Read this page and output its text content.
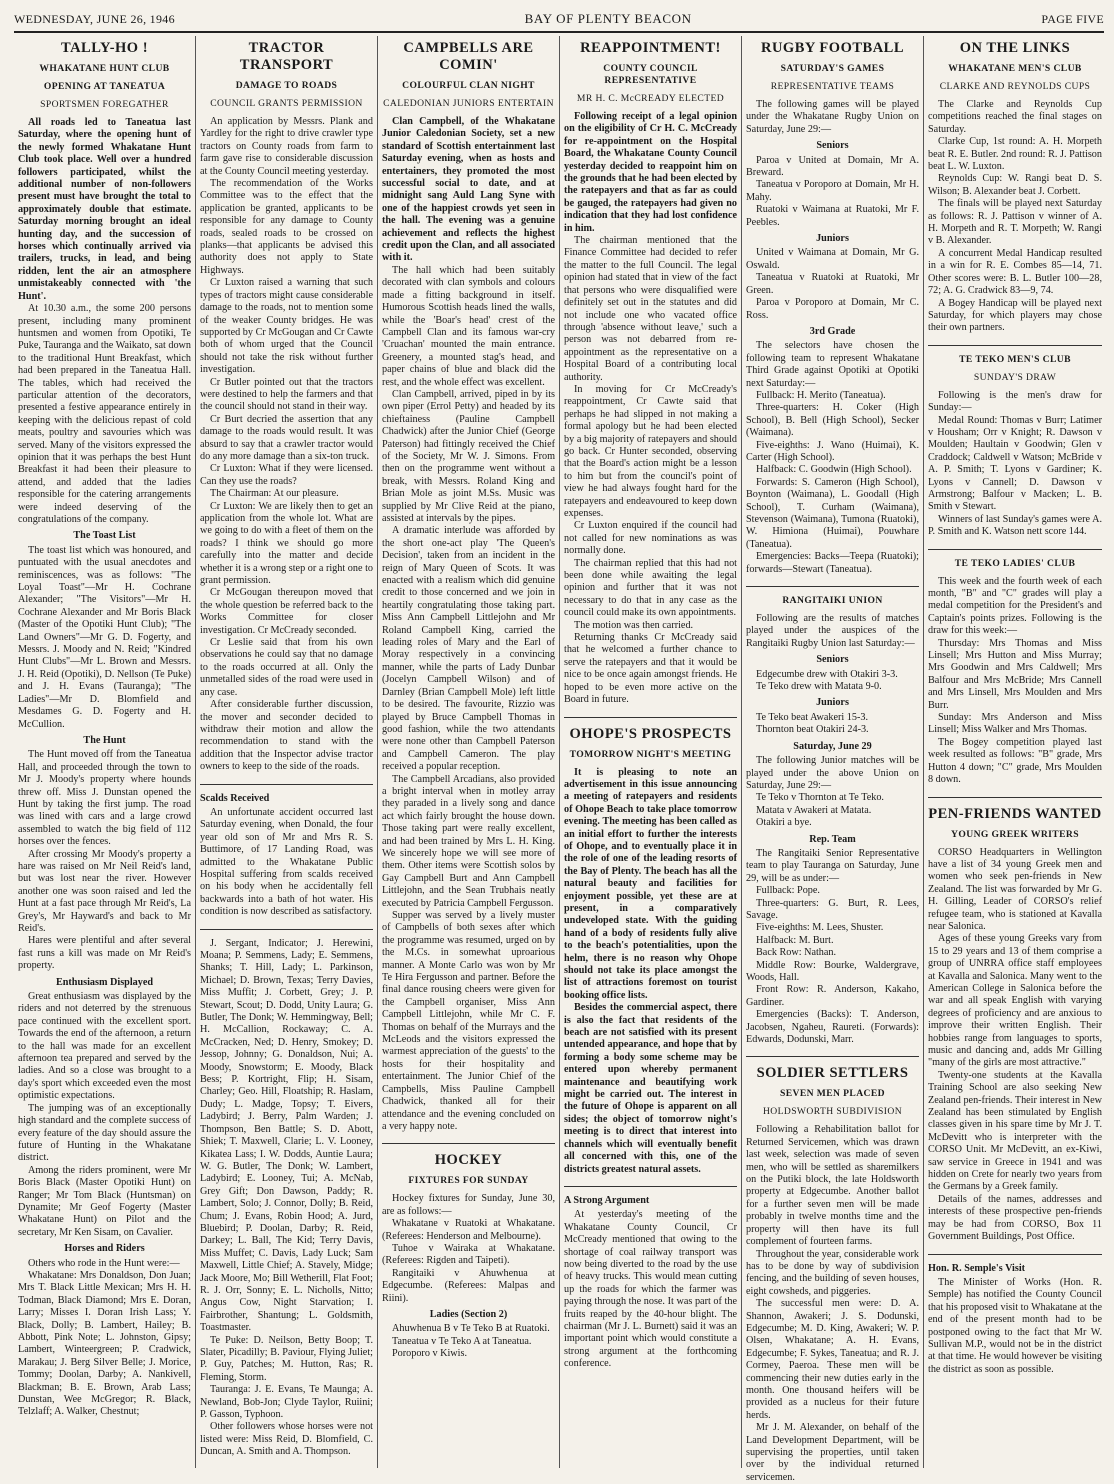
WEDNESDAY, JUNE 26, 1946	BAY OF PLENTY BEACON	PAGE FIVE
TALLY-HO !
WHAKATANE HUNT CLUB
OPENING AT TANEATUA
SPORTSMEN FOREGATHER

All roads led to Taneatua last Saturday, where the opening hunt of the newly formed Whakatane Hunt Club took place. Well over a hundred followers participated, whilst the additional number of non-followers present must have brought the total to approximately double that estimate. Saturday morning brought an ideal hunting day, and the succession of horses which continually arrived via trailers, trucks, in lead, and being ridden, lent the air an atmosphere unmistakeably connected with 'the Hunt'.

At 10.30 a.m., the some 200 persons present, including many prominent huntsmen and women from Opotiki, Te Puke, Tauranga and the Waikato, sat down to the traditional Hunt Breakfast, which had been prepared in the Taneatua Hall. The tables, which had received the particular attention of the decorators, presented a festive appearance entirely in keeping with the delicious repast of cold meats, poultry and savouries which was served. Many of the visitors expressed the opinion that it was perhaps the best Hunt Breakfast it had been their pleasure to attend, and added that the ladies responsible for the catering arrangements were indeed deserving of the congratulations of the company.

The Toast List

The toast list which was honoured, and puntuated with the usual anecdotes and reminiscences, was as follows: "The Loyal Toast"—Mr H. Cochrane Alexander; "The Visitors"—Mr H. Cochrane Alexander and Mr Boris Black (Master of the Opotiki Hunt Club); "The Land Owners"—Mr G. D. Fogerty, and Messrs. J. Moody and N. Reid; "Kindred Hunt Clubs"—Mr L. Brown and Messrs. J. H. Reid (Opotiki), D. Nellson (Te Puke) and J. H. Evans (Tauranga); "The Ladies"—Mr D. Blomfield and Mesdames G. D. Fogerty and H. McCullion.

The Hunt

The Hunt moved off from the Taneatua Hall, and proceeded through the town to Mr J. Moody's property where hounds threw off. Miss J. Dunstan opened the Hunt by taking the first jump. The road was lined with cars and a large crowd assembled to watch the big field of 112 horses over the fences.

After crossing Mr Moody's property a hare was raised on Mr Neil Reid's land, but was lost near the river. However another one was soon raised and led the Hunt at a fast pace through Mr Reid's, La Grey's, Mr Hayward's and back to Mr Reid's.

Hares were plentiful and after several fast runs a kill was made on Mr Reid's property.

Enthusiasm Displayed

Great enthusiasm was displayed by the riders and not deterred by the strenuous pace continued with the excellent sport. Towards the end of the afternoon, a return to the hall was made for an excellent afternoon tea prepared and served by the ladies. And so a close was brought to a day's sport which exceeded even the most optimistic expectations.

The jumping was of an exceptionally high standard and the complete success of every feature of the day should assure the future of Hunting in the Whakatane district.

Among the riders prominent, were Mr Boris Black (Master Opotiki Hunt) on Ranger; Mr Tom Black (Huntsman) on Dynamite; Mr Geof Fogerty (Master Whakatane Hunt) on Pilot and the secretary, Mr Ken Sisam, on Cavalier.

Horses and Riders

Others who rode in the Hunt were:—

Whakatane: Mrs Donaldson, Don Juan; Mrs T. Black Little Mexican; Mrs H. H. Todman, Black Diamond; Mrs E. Doran, Larry; Misses I. Doran Irish Lass; Y. Black, Dolly; B. Lambert, Hailey; B. Abbott, Pink Note; L. Johnston, Gipsy; Lambert, Winteergreen; P. Cradwick, Marakau; J. Berg Silver Belle; J. Morice, Tommy; Doolan, Darby; A. Nankivell, Blackman; B. E. Brown, Arab Lass; Dunstan, Wee McGregor; R. Black, Telzlaff; A. Walker, Chestnut;

TRACTOR TRANSPORT
DAMAGE TO ROADS
COUNCIL GRANTS PERMISSION

An application by Messrs. Plank and Yardley for the right to drive crawler type tractors on County roads from farm to farm gave rise to considerable discussion at the County Council meeting yesterday.

The recommendation of the Works Committee was to the effect that the application be granted, applicants to be responsible for any damage to County roads, sealed roads to be crossed on planks—that applicants be advised this authority does not apply to State Highways.

Cr Luxton raised a warning that such types of tractors might cause considerable damage to the roads, not to mention some of the weaker County bridges. He was supported by Cr McGougan and Cr Cawte both of whom urged that the Council should not take the risk without further investigation.

Cr Butler pointed out that the tractors were destined to help the farmers and that the council should not stand in their way.

Cr Burt decried the assertion that any damage to the roads would result. It was absurd to say that a crawler tractor would do any more damage than a six-ton truck.

Cr Luxton: What if they were licensed. Can they use the roads?

The Chairman: At our pleasure.

Cr Luxton: We are likely then to get an application from the whole lot. What are we going to do with a fleet of them on the roads? I think we should go more carefully into the matter and decide whether it is a wrong step or a right one to grant permission.

Cr McGougan thereupon moved that the whole question be referred back to the Works Committee for closer investigation. Cr McCready seconded.

Cr Leslie said that from his own observations he could say that no damage to the roads occurred at all. Only the unmetalled sides of the road were used in any case.

After considerable further discussion, the mover and seconder decided to withdraw their motion and allow the recommendation to stand with the addition that the Inspector advise tractor owners to keep to the side of the roads.

Scalds Received

An unfortunate accident occurred last Saturday evening, when Donald, the four year old son of Mr and Mrs R. S. Buttimore, of 17 Landing Road, was admitted to the Whakatane Public Hospital suffering from scalds received on his body when he accidentally fell backwards into a bath of hot water. His condition is now described as satisfactory.

J. Sergant, Indicator; J. Herewini, Moana; P. Semmens, Lady; E. Semmens, Shanks; T. Hill, Lady; L. Parkinson, Michael; D. Brown, Texas; Terry Davies, Miss Muffit; J. Corbett, Grey; J. P. Stewart, Scout; D. Dodd, Unity Laura; G. Butler, The Donk; W. Hemmingway, Bell; H. McCallion, Rockaway; C. A. McCracken, Ned; D. Henry, Smokey; D. Jessop, Johnny; G. Donaldson, Nui; A. Moody, Snowstorm; E. Moody, Black Bess; P. Kortright, Flip; H. Sisam, Charley; Geo. Hill, Floatship; R. Haslam, Dudy; L. Madge, Topsy; T. Eivers, Ladybird; J. Berry, Palm Warden; J. Thompson, Ben Battle; S. D. Abott, Shiek; T. Maxwell, Clarie; L. V. Looney, Kikatea Lass; I. W. Dodds, Auntie Laura; W. G. Butler, The Donk; W. Lambert, Ladybird; E. Looney, Tui; A. McNab, Grey Gift; Don Dawson, Paddy; R. Lambert, Solo; J. Connor, Dolly; B. Reid, Chum; J. Evans, Robin Hood; A. Jurd, Bluebird; P. Doolan, Darby; R. Reid, Darkey; L. Ball, The Kid; Terry Davis, Miss Muffet; C. Davis, Lady Luck; Sam Maxwell, Little Chief; A. Stavely, Midge; Jack Moore, Mo; Bill Wetherill, Flat Foot; R. J. Orr, Sonny; E. L. Nicholls, Nitto; Angus Cow, Night Starvation; I. Fairbrother, Shantung; L. Goldsmith, Toastmaster.

Te Puke: D. Neilson, Betty Boop; T. Slater, Picadilly; B. Paviour, Flying Juliet; P. Guy, Patches; M. Hutton, Ras; R. Fleming, Storm.

Tauranga: J. E. Evans, Te Maunga; A. Newland, Bob-Jon; Clyde Taylor, Ruiini; P. Gasson, Typhoon.

Other followers whose horses were not listed were: Miss Reid, D. Blomfield, C. Duncan, A. Smith and A. Thompson.

CAMPBELLS ARE COMIN'
COLOURFUL CLAN NIGHT
CALEDONIAN JUNIORS ENTERTAIN

Clan Campbell, of the Whakatane Junior Caledonian Society, set a new standard of Scottish entertainment last Saturday evening, when as hosts and entertainers, they promoted the most successful social to date, and at midnight sang Auld Lang Syne with one of the happiest crowds yet seen in the hall. The evening was a genuine achievement and reflects the highest credit upon the Clan, and all associated with it.

The hall which had been suitably decorated with clan symbols and colours made a fitting background in itself. Humorous Scottish heads lined the walls, while the 'Boar's head' crest of the Campbell Clan and its famous war-cry 'Cruachan' mounted the main entrance. Greenery, a mounted stag's head, and paper chains of blue and black did the rest, and the whole effect was excellent.

Clan Campbell, arrived, piped in by its own piper (Errol Petty) and headed by its chieftainess (Pauline Campbell Chadwick) after the Junior Chief (George Paterson) had fittingly received the Chief of the Society, Mr W. J. Simons. From then on the programme went without a break, with Messrs. Roland King and Brian Mole as joint M.Ss. Music was supplied by Mr Clive Reid at the piano, assisted at intervals by the pipes.

A dramatic interlude was afforded by the short one-act play 'The Queen's Decision', taken from an incident in the reign of Mary Queen of Scots. It was enacted with a realism which did genuine credit to those concerned and we join in heartily congratulating those taking part. Miss Ann Campbell Littlejohn and Mr Roland Campbell King, carried the leading roles of Mary and the Earl of Moray respectively in a convincing manner, while the parts of Lady Dunbar (Jocelyn Campbell Wilson) and of Darnley (Brian Campbell Mole) left little to be desired. The favourite, Rizzio was played by Bruce Campbell Thomas in good fashion, while the two attendants were none other than Campbell Paterson and Campbell Cameron. The play received a popular reception.

The Campbell Arcadians, also provided a bright interval when in motley array they paraded in a lively song and dance act which fairly brought the house down. Those taking part were really excellent, and had been trained by Mrs L. H. King. We sincerely hope we will see more of them. Other items were Scottish solos by Gay Campbell Burt and Ann Campbell Littlejohn, and the Sean Trubhais neatly executed by Patricia Campbell Fergusson.

Supper was served by a lively muster of Campbells of both sexes after which the programme was resumed, urged on by the M.Cs. in somewhat uproarious manner. A Monte Carlo was won by Mr Te Hira Fergusson and partner. Before the final dance rousing cheers were given for the Campbell organiser, Miss Ann Campbell Littlejohn, while Mr C. F. Thomas on behalf of the Murrays and the McLeods and the visitors expressed the warmest appreciation of the guests' to the hosts for their hospitality and entertainment. The Junior Chief of the Campbells, Miss Pauline Campbell Chadwick, thanked all for their attendance and the evening concluded on a very happy note.

HOCKEY
FIXTURES FOR SUNDAY

Hockey fixtures for Sunday, June 30, are as follows:—

Whakatane v Ruatoki at Whakatane. (Referees: Henderson and Melbourne).

Tuhoe v Wairaka at Whakatane. (Referees: Rigden and Taipeti).

Rangitaiki v Ahuwhenua at Edgecumbe. (Referees: Malpas and Riini).

Ladies (Section 2)

Ahuwhenua B v Te Teko B at Ruatoki.

Taneatua v Te Teko A at Taneatua.

Poroporo v Kiwis.

REAPPOINTMENT!
COUNTY COUNCIL REPRESENTATIVE
MR H. C. McCREADY ELECTED

Following receipt of a legal opinion on the eligibility of Cr H. C. McCready for re-appointment on the Hospital Board, the Whakatane County Council yesterday decided to reappoint him on the grounds that he had been elected by the ratepayers and that as far as could be gauged, the ratepayers had given no indication that they had lost confidence in him.

The chairman mentioned that the Finance Committee had decided to refer the matter to the full Council. The legal opinion had stated that in view of the fact that persons who were disqualified were definitely set out in the statutes and did not include one who vacated office through 'absence without leave,' such a person was not debarred from re-appointment as the representative on a Hospital Board of a contributing local authority.

In moving for Cr McCready's reappointment, Cr Cawte said that perhaps he had slipped in not making a formal apology but he had been elected by a big majority of ratepayers and should go back. Cr Hunter seconded, observing that the Board's action might be a lesson to him but from the council's point of view he had always fought hard for the ratepayers and endeavoured to keep down expenses.

Cr Luxton enquired if the council had not called for new nominations as was normally done.

The chairman replied that this had not been done while awaiting the legal opinion and further that it was not necessary to do that in any case as the council could make its own appointments.

The motion was then carried.

Returning thanks Cr McCready said that he welcomed a further chance to serve the ratepayers and that it would be nice to be once again amongst friends. He hoped to be even more active on the Board in future.

OHOPE'S PROSPECTS
TOMORROW NIGHT'S MEETING

It is pleasing to note an advertisement in this issue announcing a meeting of ratepayers and residents of Ohope Beach to take place tomorrow evening. The meeting has been called as an initial effort to further the interests of Ohope, and to eventually place it in the role of one of the leading resorts of the Bay of Plenty. The beach has all the natural beauty and facilities for enjoyment possible, yet these are at present, in a comparatively undeveloped state. With the guiding hand of a body of residents fully alive to the beach's potentialities, upon the helm, there is no reason why Ohope should not take its place amongst the list of attractions foremost on tourist booking office lists.

Besides the commercial aspect, there is also the fact that residents of the beach are not satisfied with its present untended appearance, and hope that by forming a body some scheme may be entered upon whereby permanent maintenance and beautifying work might be carried out. The interest in the future of Ohope is apparent on all sides; the object of tomorrow night's meeting is to direct that interest into channels which will eventually benefit all concerned with this, one of the districts greatest natural assets.

A Strong Argument

At yesterday's meeting of the Whakatane County Council, Cr McCready mentioned that owing to the shortage of coal railway transport was now being diverted to the road by the use of heavy trucks. This would mean cutting up the roads for which the farmer was paying through the nose. It was part of the fruits reaped by the 40-hour blight. The chairman (Mr J. L. Burnett) said it was an important point which would constitute a strong argument at the forthcoming conference.

RUGBY FOOTBALL
SATURDAY'S GAMES
REPRESENTATIVE TEAMS

The following games will be played under the Whakatane Rugby Union on Saturday, June 29:—

Seniors

Paroa v United at Domain, Mr A. Breward.

Taneatua v Poroporo at Domain, Mr H. Mahy.

Ruatoki v Waimana at Ruatoki, Mr F. Peebles.

Juniors

United v Waimana at Domain, Mr G. Oswald.

Taneatua v Ruatoki at Ruatoki, Mr Green.

Paroa v Poroporo at Domain, Mr C. Ross.

3rd Grade

The selectors have chosen the following team to represent Whakatane Third Grade against Opotiki at Opotiki next Saturday:—

Fullback: H. Merito (Taneatua).

Three-quarters: H. Coker (High School), B. Bell (High School), Secker (Waimana).

Five-eighths: J. Wano (Huimai), K. Carter (High School).

Halfback: C. Goodwin (High School).

Forwards: S. Cameron (High School), Boynton (Waimana), L. Goodall (High School), T. Curham (Waimana), Stevenson (Waimana), Tumona (Ruatoki), W. Himiona (Huimai), Pouwhare (Taneatua).

Emergencies: Backs—Teepa (Ruatoki); forwards—Stewart (Taneatua).

RANGITAIKI UNION

Following are the results of matches played under the auspices of the Rangitaiki Rugby Union last Saturday:—

Seniors

Edgecumbe drew with Otakiri 3-3.

Te Teko drew with Matata 9-0.

Juniors

Te Teko beat Awakeri 15-3.

Thornton beat Otakiri 24-3.

Saturday, June 29

The following Junior matches will be played under the above Union on Saturday, June 29:—

Te Teko v Thornton at Te Teko.

Matata v Awakeri at Matata.

Otakiri a bye.

Rep. Team

The Rangitaiki Senior Representative team to play Tauranga on Saturday, June 29, will be as under:—

Fullback: Pope.

Three-quarters: G. Burt, R. Lees, Savage.

Five-eighths: M. Lees, Shuster.

Halfback: M. Burt.

Back Row: Nathan.

Middle Row: Bourke, Waldergrave, Woods, Hall.

Front Row: R. Anderson, Kakaho, Gardiner.

Emergencies (Backs): T. Anderson, Jacobsen, Ngaheu, Raureti. (Forwards): Edwards, Dodunski, Marr.

SOLDIER SETTLERS
SEVEN MEN PLACED
HOLDSWORTH SUBDIVISION

Following a Rehabilitation ballot for Returned Servicemen, which was drawn last week, selection was made of seven men, who will be settled as sharemilkers on the Putiki block, the late Holdsworth property at Edgecumbe. Another ballot for a further seven men will be made probably in twelve months time and the property will then have its full complement of fourteen farms.

Throughout the year, considerable work has to be done by way of subdivision fencing, and the building of seven houses, eight cowsheds, and piggeries.

The successful men were: D. A. Shannon, Awakeri; J. S. Dodunski, Edgecumbe; M. D. King, Awakeri; W. P. Olsen, Whakatane; A. H. Evans, Edgecumbe; F. Sykes, Taneatua; and R. J. Cormey, Paeroa. These men will be commencing their new duties early in the month. One thousand heifers will be provided as a nucleus for their future herds.

Mr J. M. Alexander, on behalf of the Land Development Department, will be supervising the properties, until taken over by the individual returned servicemen.

ON THE LINKS
WHAKATANE MEN'S CLUB
CLARKE AND REYNOLDS CUPS

The Clarke and Reynolds Cup competitions reached the final stages on Saturday.

Clarke Cup, 1st round: A. H. Morpeth beat R. E. Butler. 2nd round: R. J. Pattison beat L. W. Luxton.

Reynolds Cup: W. Rangi beat D. S. Wilson; B. Alexander beat J. Corbett.

The finals will be played next Saturday as follows: R. J. Pattison v winner of A. H. Morpeth and R. T. Morpeth; W. Rangi v B. Alexander.

A concurrent Medal Handicap resulted in a win for R. E. Combes 85—14, 71. Other scores were: B. L. Butler 100—28, 72; A. G. Cradwick 83—9, 74.

A Bogey Handicap will be played next Saturday, for which players may chose their own partners.

TE TEKO MEN'S CLUB
SUNDAY'S DRAW

Following is the men's draw for Sunday:—

Medal Round: Thomas v Burr; Latimer v Housham; Orr v Knight; R. Dawson v Moulden; Haultain v Goodwin; Glen v Craddock; Caldwell v Watson; McBride v A. P. Smith; T. Lyons v Gardiner; K. Lyons v Cannell; D. Dawson v Armstrong; Balfour v Macken; L. B. Smith v Stewart.

Winners of last Sunday's games were A. P. Smith and K. Watson nett score 144.

TE TEKO LADIES' CLUB

This week and the fourth week of each month, "B" and "C" grades will play a medal competition for the President's and Captain's points prizes. Following is the draw for this week:—

Thursday: Mrs Thomas and Miss Linsell; Mrs Hutton and Miss Murray; Mrs Goodwin and Mrs Caldwell; Mrs Balfour and Mrs McBride; Mrs Cannell and Mrs Linsell, Mrs Moulden and Mrs Burr.

Sunday: Mrs Anderson and Miss Linsell; Miss Walker and Mrs Thomas.

The Bogey competition played last week resulted as follows: "B" grade, Mrs Hutton 4 down; "C" grade, Mrs Moulden 8 down.

PEN-FRIENDS WANTED
YOUNG GREEK WRITERS

CORSO Headquarters in Wellington have a list of 34 young Greek men and women who seek pen-friends in New Zealand. The list was forwarded by Mr G. H. Gilling, Leader of CORSO's relief refugee team, who is stationed at Kavalla near Salonica.

Ages of these young Greeks vary from 15 to 29 years and 13 of them comprise a group of UNRRA office staff employees at Kavalla and Salonica. Many went to the American College in Salonica before the war and all speak English with varying degrees of proficiency and are anxious to improve their written English. Their hobbies range from languages to sports, music and dancing and, adds Mr Gilling "many of the girls are most attractive."

Twenty-one students at the Kavalla Training School are also seeking New Zealand pen-friends. Their interest in New Zealand has been stimulated by English classes given in his spare time by Mr J. T. McDevitt who is interpreter with the CORSO Unit. Mr McDevitt, an ex-Kiwi, saw service in Greece in 1941 and was hidden on Crete for nearly two years from the Germans by a Greek family.

Details of the names, addresses and interests of these prospective pen-friends may be had from CORSO, Box 11 Government Buildings, Post Office.

Hon. R. Semple's Visit

The Minister of Works (Hon. R. Semple) has notified the County Council that his proposed visit to Whakatane at the end of the present month had to be postponed owing to the fact that Mr W. Sullivan M.P., would not be in the district at that time. He would however be visiting the district as soon as possible.
